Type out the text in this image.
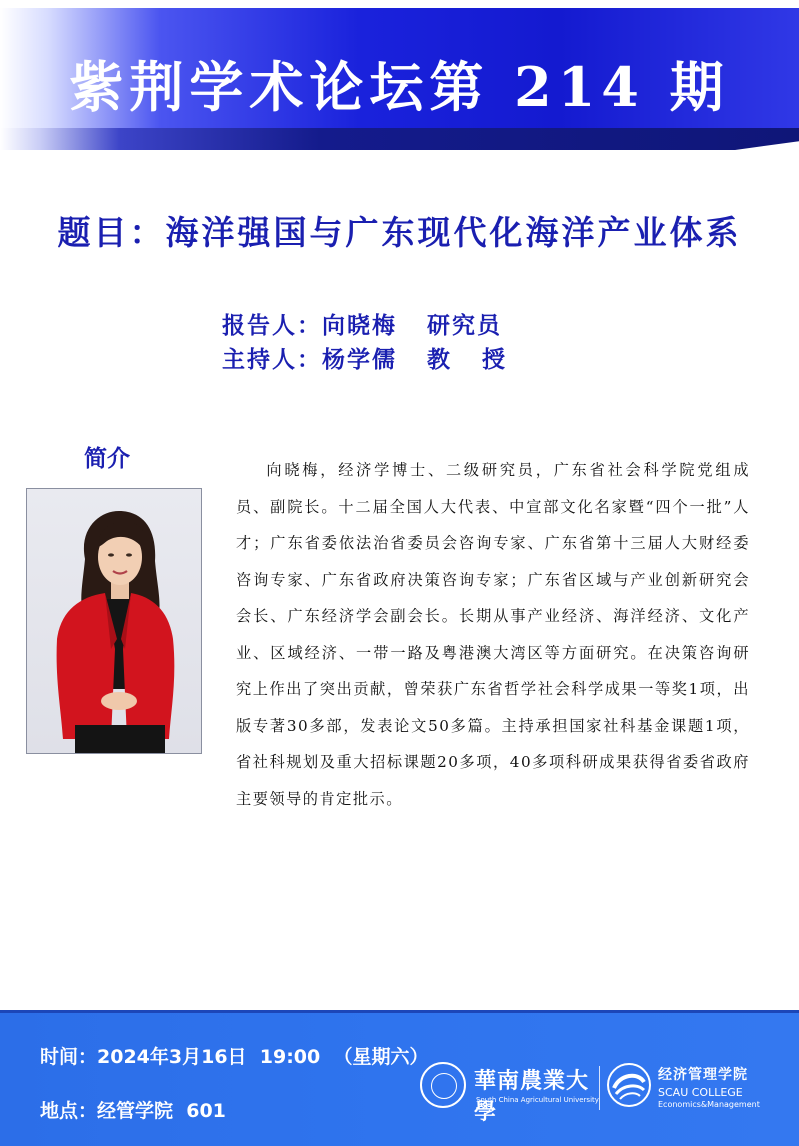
紫荆学术论坛第 214 期
题目：海洋强国与广东现代化海洋产业体系
报告人：向晓梅   研究员
主持人：杨学儒   教   授
简介	向晓梅，经济学博士、二级研究员，广东省社会科学院党组成员、副院长。十二届全国人大代表、中宣部文化名家暨“四个一批”人才；广东省委依法治省委员会咨询专家、广东省第十三届人大财经委咨询专家、广东省政府决策咨询专家；广东省区域与产业创新研究会会长、广东经济学会副会长。长期从事产业经济、海洋经济、文化产业、区域经济、一带一路及粤港澳大湾区等方面研究。在决策咨询研究上作出了突出贡献，曾荣获广东省哲学社会科学成果一等奖1项，出版专著30多部，发表论文50多篇。主持承担国家社科基金课题1项，省社科规划及重大招标课题20多项，40多项科研成果获得省委省政府主要领导的肯定批示。

时间：2024年3月16日  19:00  （星期六）
地点：经管学院  601
華南農業大學
South China Agricultural University
经济管理学院
SCAU COLLEGE
Economics&Management
